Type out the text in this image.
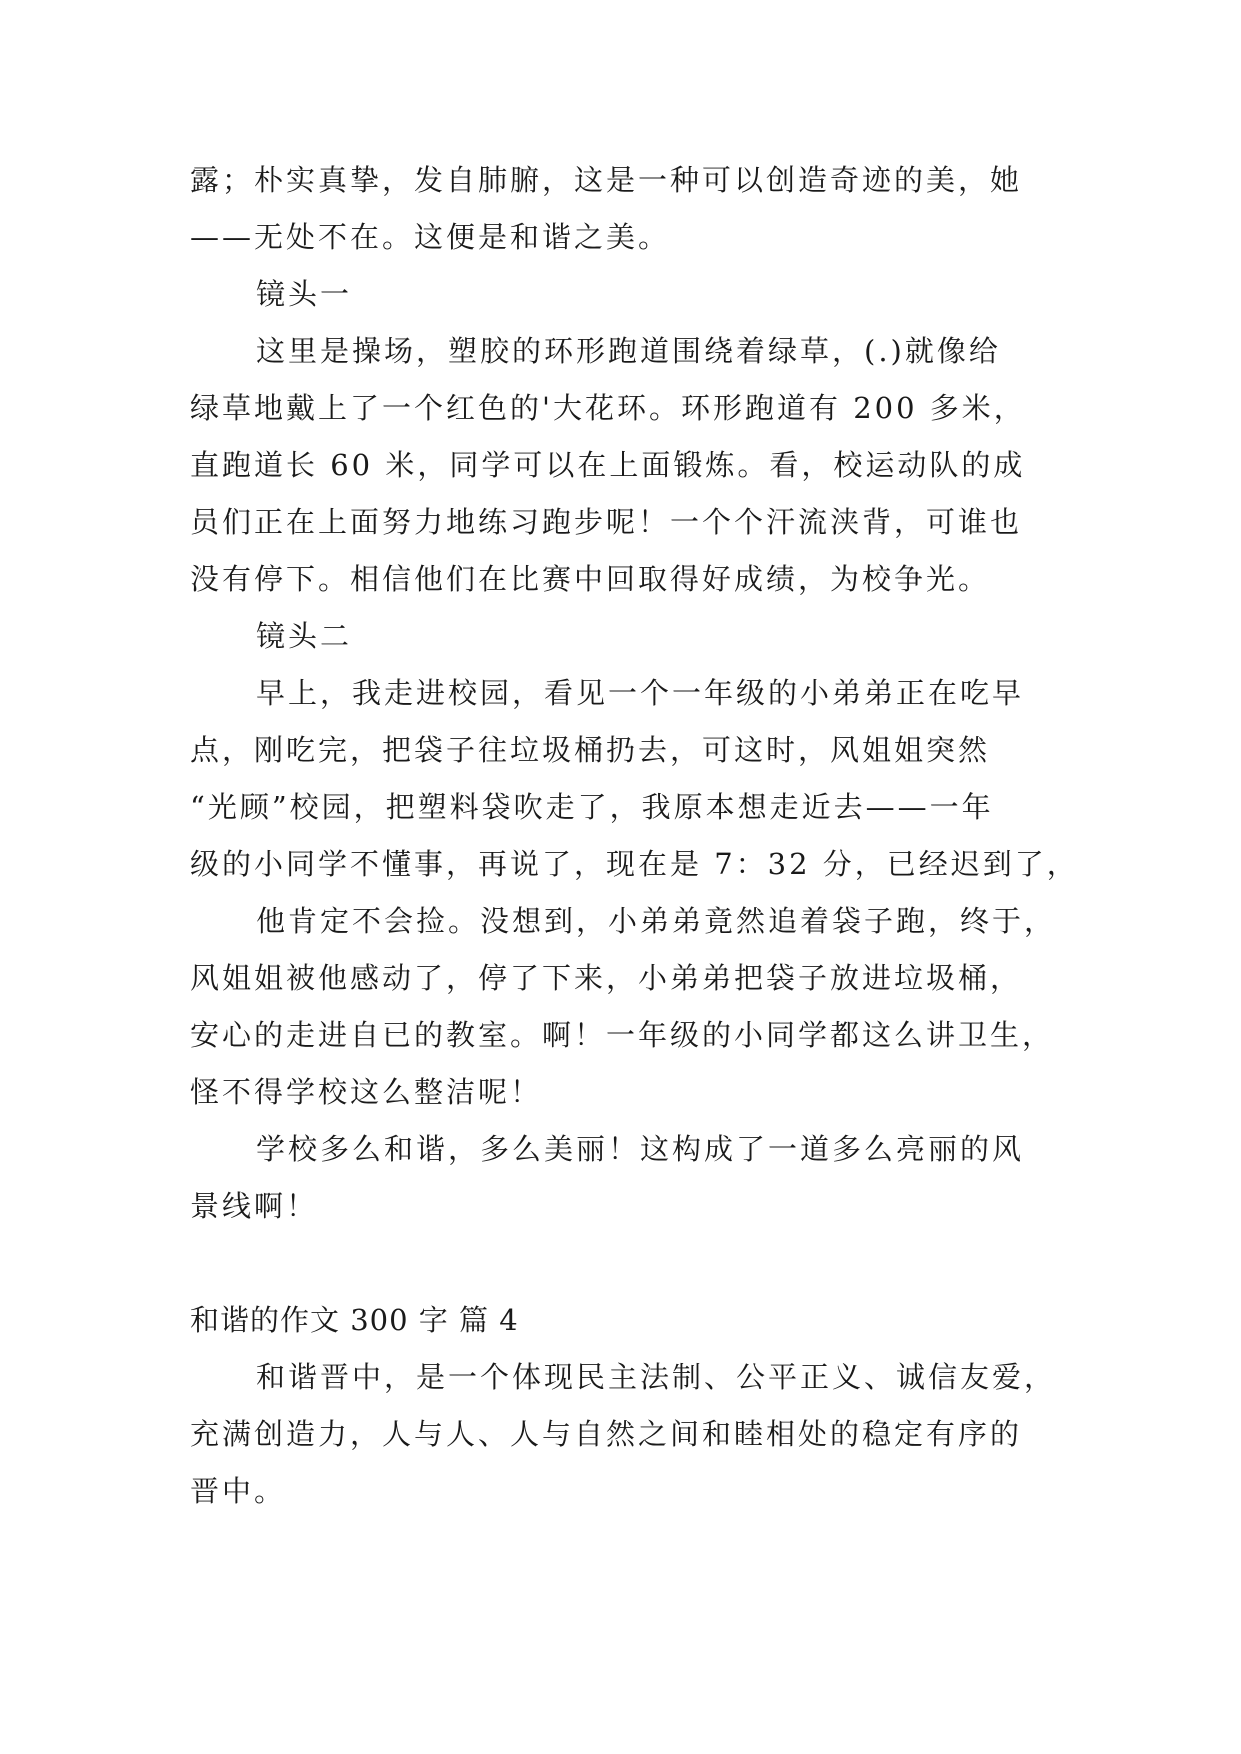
露；朴实真挚，发自肺腑，这是一种可以创造奇迹的美，她
——无处不在。这便是和谐之美。
镜头一
这里是操场，塑胶的环形跑道围绕着绿草，(.)就像给
绿草地戴上了一个红色的'大花环。环形跑道有 200 多米，
直跑道长 60 米，同学可以在上面锻炼。看，校运动队的成
员们正在上面努力地练习跑步呢！一个个汗流浃背，可谁也
没有停下。相信他们在比赛中回取得好成绩，为校争光。
镜头二
早上，我走进校园，看见一个一年级的小弟弟正在吃早
点，刚吃完，把袋子往垃圾桶扔去，可这时，风姐姐突然
“光顾”校园，把塑料袋吹走了，我原本想走近去——一年
级的小同学不懂事，再说了，现在是 7：32 分，已经迟到了，
他肯定不会捡。没想到，小弟弟竟然追着袋子跑，终于，
风姐姐被他感动了，停了下来，小弟弟把袋子放进垃圾桶，
安心的走进自已的教室。啊！一年级的小同学都这么讲卫生，
怪不得学校这么整洁呢！
学校多么和谐，多么美丽！这构成了一道多么亮丽的风
景线啊！
和谐的作文 300 字 篇 4
和谐晋中，是一个体现民主法制、公平正义、诚信友爱，
充满创造力，人与人、人与自然之间和睦相处的稳定有序的
晋中。
